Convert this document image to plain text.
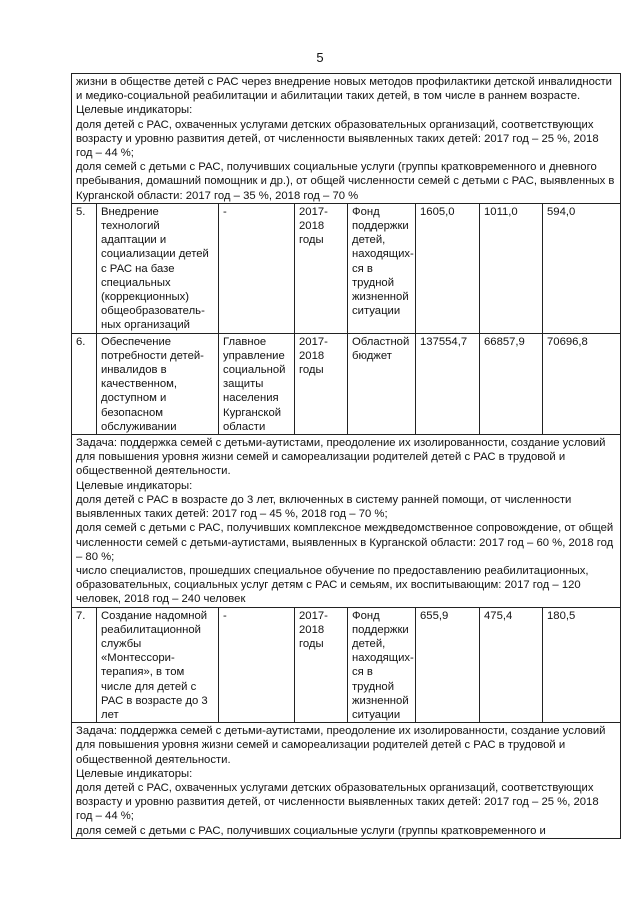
5
жизни в обществе детей с РАС через внедрение новых методов профилактики детской инвалидности и медико-социальной реабилитации и абилитации таких детей, в том числе в раннем возрасте.
Целевые индикаторы:
доля детей с РАС, охваченных услугами детских образовательных организаций, соответствующих возрасту и уровню развития детей, от численности выявленных таких детей: 2017 год – 25 %, 2018 год – 44 %;
доля семей с детьми с РАС, получивших социальные услуги (группы кратковременного и дневного пребывания, домашний помощник и др.), от общей численности семей с детьми с РАС, выявленных в Курганской области: 2017 год – 35 %, 2018 год – 70 %							

5.	Внедрение технологий адаптации и социализации детей с РАС на базе специальных (коррекционных) общеобразователь-ных организаций	-	2017-2018 годы	Фонд поддержки детей, находящих-ся в трудной жизненной ситуации	1605,0	1011,0	594,0
6.	Обеспечение потребности детей-инвалидов в качественном, доступном и безопасном обслуживании	Главное управление социальной защиты населения Курганской области	2017-2018 годы	Областной бюджет	137554,7	66857,9	70696,8

Задача: поддержка семей с детьми-аутистами, преодоление их изолированности, создание условий для повышения уровня жизни семей и самореализации родителей детей с РАС в трудовой и общественной деятельности.
Целевые индикаторы:
доля детей с РАС в возрасте до 3 лет, включенных в систему ранней помощи, от численности выявленных таких детей: 2017 год – 45 %, 2018 год – 70 %;
доля семей с детьми с РАС, получивших комплексное междведомственное сопровождение, от общей численности семей с детьми-аутистами, выявленных в Курганской области: 2017 год – 60 %, 2018 год – 80 %;
число специалистов, прошедших специальное обучение по предоставлению реабилитационных, образовательных, социальных услуг детям с РАС и семьям, их воспитывающим: 2017 год – 120 человек, 2018 год – 240 человек							

7.	Создание надомной реабилитационной службы «Монтессори-терапия», в том числе для детей с РАС в возрасте до 3 лет	-	2017-2018 годы	Фонд поддержки детей, находящих-ся в трудной жизненной ситуации	655,9	475,4	180,5

Задача: поддержка семей с детьми-аутистами, преодоление их изолированности, создание условий для повышения уровня жизни семей и самореализации родителей детей с РАС в трудовой и общественной деятельности.
Целевые индикаторы:
доля детей с РАС, охваченных услугами детских образовательных организаций, соответствующих возрасту и уровню развития детей, от численности выявленных таких детей: 2017 год – 25 %, 2018 год – 44 %;
доля семей с детьми с РАС, получивших социальные услуги (группы кратковременного и							
